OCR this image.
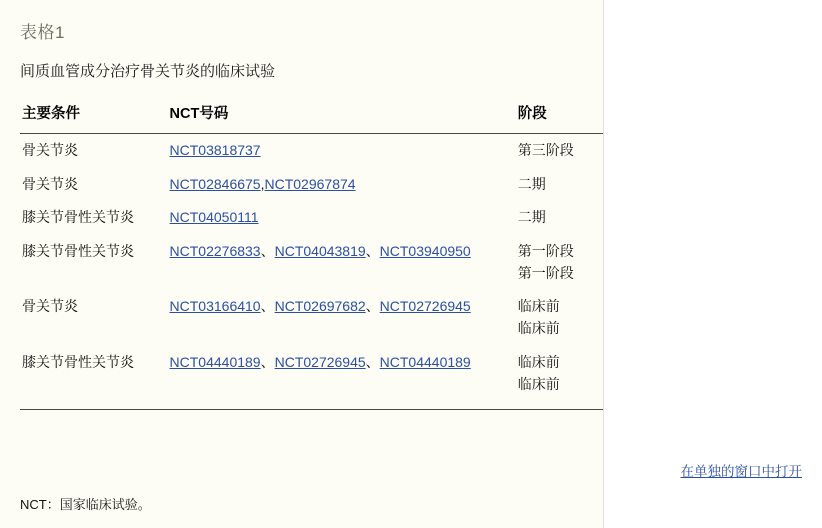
表格1
间质血管成分治疗骨关节炎的临床试验
主要条件	NCT号码	阶段
骨关节炎	NCT03818737	第三阶段
骨关节炎	NCT02846675,NCT02967874	二期
膝关节骨性关节炎	NCT04050111	二期
膝关节骨性关节炎	NCT02276833、NCT04043819、NCT03940950	第一阶段
第一阶段

骨关节炎	NCT03166410、NCT02697682、NCT02726945	临床前
临床前

膝关节骨性关节炎	NCT04440189、NCT02726945、NCT04440189	临床前
临床前
NCT：国家临床试验。
在单独的窗口中打开
